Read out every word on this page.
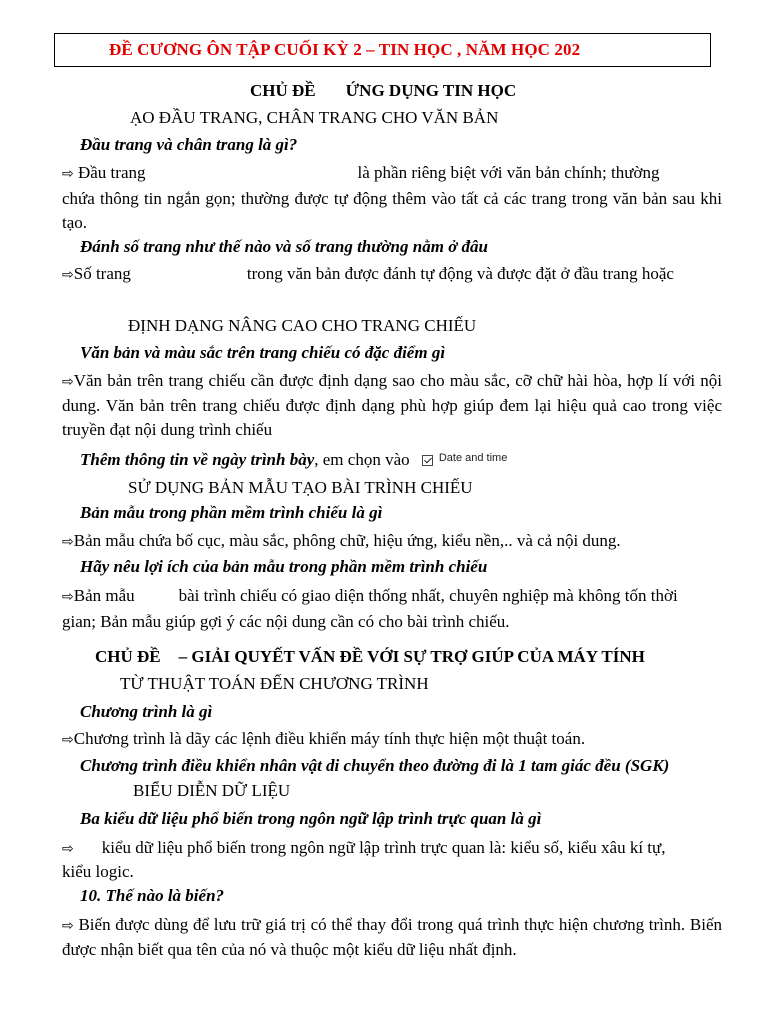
ĐỀ CƯƠNG ÔN TẬP CUỐI KỲ 2 – TIN HỌC , NĂM HỌC 202
CHỦ ĐỀ ỨNG DỤNG TIN HỌC
ẠO ĐẦU TRANG, CHÂN TRANG CHO VĂN BẢN
Đầu trang và chân trang là gì?
⇨ Đầu trang	là phần riêng biệt với văn bản chính; thường
chứa thông tin ngắn gọn; thường được tự động thêm vào tất cả các trang trong văn bản sau khi tạo.
Đánh số trang như thế nào và số trang thường nằm ở đâu
⇨Số trang	trong văn bản được đánh tự động và được đặt ở đầu trang hoặc
ĐỊNH DẠNG NÂNG CAO CHO TRANG CHIẾU
Văn bản và màu sắc trên trang chiếu có đặc điểm gì
⇨Văn bản trên trang chiếu cần được định dạng sao cho màu sắc, cỡ chữ hài hòa, hợp lí với nội dung. Văn bản trên trang chiếu được định dạng phù hợp giúp đem lại hiệu quả cao trong việc truyền đạt nội dung trình chiếu
Thêm thông tin về ngày trình bày, em chọn vào	$^{Date and time}$
SỬ DỤNG BẢN MẪU TẠO BÀI TRÌNH CHIẾU
Bản mẫu trong phần mềm trình chiếu là gì
⇨Bản mẫu chứa bố cục, màu sắc, phông chữ, hiệu ứng, kiểu nền,.. và cả nội dung.
Hãy nêu lợi ích của bản mẫu trong phần mềm trình chiếu
⇨Bản mẫu	bài trình chiếu có giao diện thống nhất, chuyên nghiệp mà không tốn thời
gian; Bản mẫu giúp gợi ý các nội dung cần có cho bài trình chiếu.
CHỦ ĐỀ – GIẢI QUYẾT VẤN ĐỀ VỚI SỰ TRỢ GIÚP CỦA MÁY TÍNH
TỪ THUẬT TOÁN ĐẾN CHƯƠNG TRÌNH
Chương trình là gì
⇨Chương trình là dãy các lệnh điều khiển máy tính thực hiện một thuật toán.
Chương trình điều khiển nhân vật di chuyển theo đường đi là 1 tam giác đều (SGK)
BIỂU DIỄN DỮ LIỆU
Ba kiểu dữ liệu phổ biến trong ngôn ngữ lập trình trực quan là gì
⇨ kiểu dữ liệu phổ biến trong ngôn ngữ lập trình trực quan là: kiểu số, kiểu xâu kí tự,
kiểu logic.
10. Thế nào là biến?
⇨ Biến được dùng để lưu trữ giá trị có thể thay đổi trong quá trình thực hiện chương trình. Biến được nhận biết qua tên của nó và thuộc một kiểu dữ liệu nhất định.
